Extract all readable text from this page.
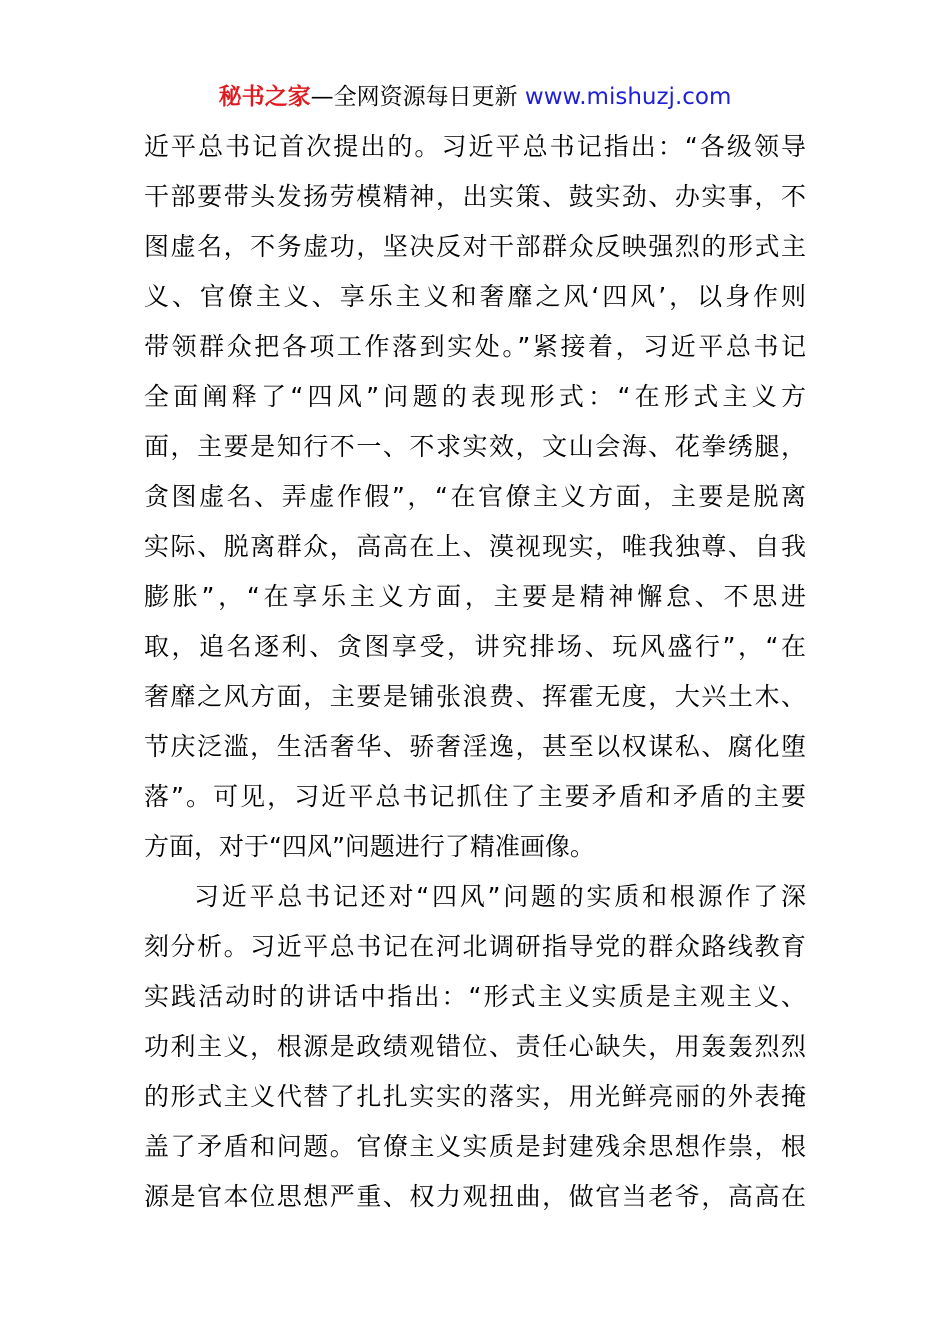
秘书之家—全网资源每日更新 www.mishuzj.com
近平总书记首次提出的。习近平总书记指出：“各级领导
干部要带头发扬劳模精神，出实策、鼓实劲、办实事，不
图虚名，不务虚功，坚决反对干部群众反映强烈的形式主
义、官僚主义、享乐主义和奢靡之风‘四风’，以身作则
带领群众把各项工作落到实处。”紧接着，习近平总书记
全面阐释了“四风”问题的表现形式：“在形式主义方
面，主要是知行不一、不求实效，文山会海、花拳绣腿，
贪图虚名、弄虚作假”，“在官僚主义方面，主要是脱离
实际、脱离群众，高高在上、漠视现实，唯我独尊、自我
膨胀”，“在享乐主义方面，主要是精神懈怠、不思进
取，追名逐利、贪图享受，讲究排场、玩风盛行”，“在
奢靡之风方面，主要是铺张浪费、挥霍无度，大兴土木、
节庆泛滥，生活奢华、骄奢淫逸，甚至以权谋私、腐化堕
落”。可见，习近平总书记抓住了主要矛盾和矛盾的主要
方面，对于“四风”问题进行了精准画像。
习近平总书记还对“四风”问题的实质和根源作了深
刻分析。习近平总书记在河北调研指导党的群众路线教育
实践活动时的讲话中指出：“形式主义实质是主观主义、
功利主义，根源是政绩观错位、责任心缺失，用轰轰烈烈
的形式主义代替了扎扎实实的落实，用光鲜亮丽的外表掩
盖了矛盾和问题。官僚主义实质是封建残余思想作祟，根
源是官本位思想严重、权力观扭曲，做官当老爷，高高在
